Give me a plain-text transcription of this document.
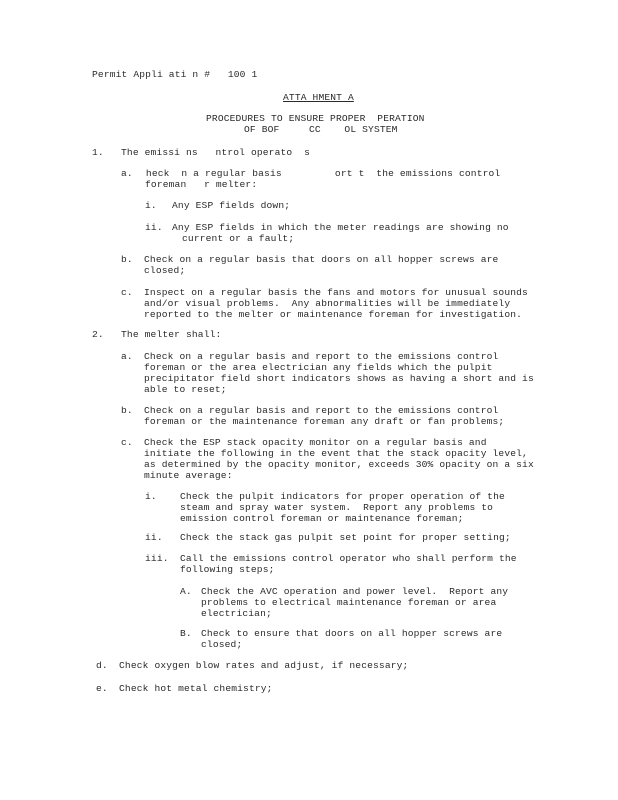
Permit Appli ati n #   100 1
ATTA HMENT A
PROCEDURES TO ENSURE PROPER  PERATION
OF BOF     CC    OL SYSTEM
1. The emissi ns   ntrol operato  s
a. heck  n a regular basis         ort t  the emissions control
foreman   r melter:
i. Any ESP fields down;
ii. Any ESP fields in which the meter readings are showing no
current or a fault;
b. Check on a regular basis that doors on all hopper screws are
closed;
c. Inspect on a regular basis the fans and motors for unusual sounds
and/or visual problems.  Any abnormalities will be immediately
reported to the melter or maintenance foreman for investigation.
2. The melter shall:
a. Check on a regular basis and report to the emissions control
foreman or the area electrician any fields which the pulpit
precipitator field short indicators shows as having a short and is
able to reset;
b. Check on a regular basis and report to the emissions control
foreman or the maintenance foreman any draft or fan problems;
c. Check the ESP stack opacity monitor on a regular basis and
initiate the following in the event that the stack opacity level,
as determined by the opacity monitor, exceeds 30% opacity on a six
minute average:
i. Check the pulpit indicators for proper operation of the
steam and spray water system.  Report any problems to
emission control foreman or maintenance foreman;
ii. Check the stack gas pulpit set point for proper setting;
iii. Call the emissions control operator who shall perform the
following steps;
A. Check the AVC operation and power level.  Report any
problems to electrical maintenance foreman or area
electrician;
B. Check to ensure that doors on all hopper screws are
closed;
d. Check oxygen blow rates and adjust, if necessary;
e. Check hot metal chemistry;
